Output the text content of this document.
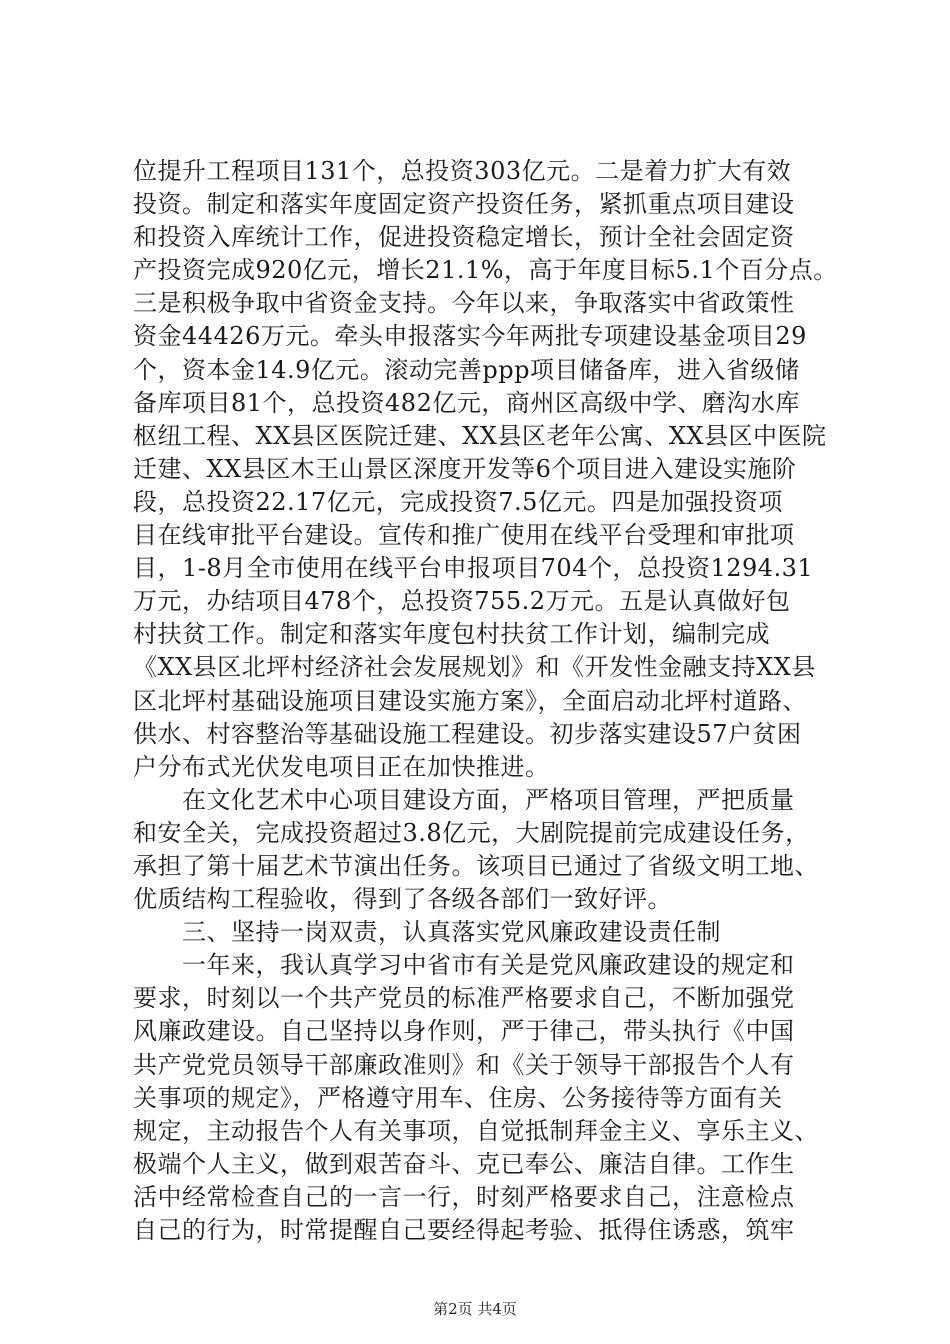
位提升工程项目131个，总投资303亿元。二是着力扩大有效
投资。制定和落实年度固定资产投资任务，紧抓重点项目建设
和投资入库统计工作，促进投资稳定增长，预计全社会固定资
产投资完成920亿元，增长21.1%，高于年度目标5.1个百分点。
三是积极争取中省资金支持。今年以来，争取落实中省政策性
资金44426万元。牵头申报落实今年两批专项建设基金项目29
个，资本金14.9亿元。滚动完善ppp项目储备库，进入省级储
备库项目81个，总投资482亿元，商州区高级中学、磨沟水库
枢纽工程、XX县区医院迁建、XX县区老年公寓、XX县区中医院
迁建、XX县区木王山景区深度开发等6个项目进入建设实施阶
段，总投资22.17亿元，完成投资7.5亿元。四是加强投资项
目在线审批平台建设。宣传和推广使用在线平台受理和审批项
目，1-8月全市使用在线平台申报项目704个，总投资1294.31
万元，办结项目478个，总投资755.2万元。五是认真做好包
村扶贫工作。制定和落实年度包村扶贫工作计划，编制完成
《XX县区北坪村经济社会发展规划》和《开发性金融支持XX县
区北坪村基础设施项目建设实施方案》，全面启动北坪村道路、
供水、村容整治等基础设施工程建设。初步落实建设57户贫困
户分布式光伏发电项目正在加快推进。
　　在文化艺术中心项目建设方面，严格项目管理，严把质量
和安全关，完成投资超过3.8亿元，大剧院提前完成建设任务，
承担了第十届艺术节演出任务。该项目已通过了省级文明工地、
优质结构工程验收，得到了各级各部们一致好评。
　　三、坚持一岗双责，认真落实党风廉政建设责任制
　　一年来，我认真学习中省市有关是党风廉政建设的规定和
要求，时刻以一个共产党员的标准严格要求自己，不断加强党
风廉政建设。自己坚持以身作则，严于律己，带头执行《中国
共产党党员领导干部廉政准则》和《关于领导干部报告个人有
关事项的规定》，严格遵守用车、住房、公务接待等方面有关
规定，主动报告个人有关事项，自觉抵制拜金主义、享乐主义、
极端个人主义，做到艰苦奋斗、克已奉公、廉洁自律。工作生
活中经常检查自己的一言一行，时刻严格要求自己，注意检点
自己的行为，时常提醒自己要经得起考验、抵得住诱惑，筑牢
第2页 共4页
